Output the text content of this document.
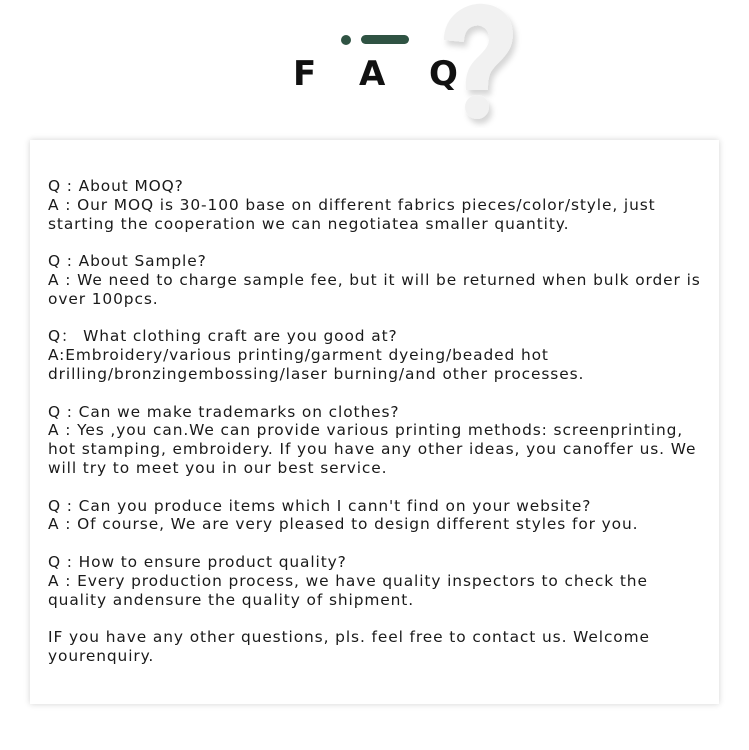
F A Q

Q : About MOQ?

A : Our MOQ is 30-100 base on different fabrics pieces/color/style, just starting the cooperation we can negotiatea smaller quantity.

Q : About Sample?

A : We need to charge sample fee, but it will be returned when bulk order is over 100pcs.

Q： What clothing craft are you good at?

A:Embroidery/various printing/garment dyeing/beaded hot drilling/bronzingembossing/laser burning/and other processes.

Q : Can we make trademarks on clothes?

A : Yes ,you can.We can provide various printing methods: screenprinting, hot stamping, embroidery. If you have any other ideas, you canoffer us. We will try to meet you in our best service.

Q : Can you produce items which I cann't find on your website?

A : Of course, We are very pleased to design different styles for you.

Q : How to ensure product quality?

A : Every production process, we have quality inspectors to check the quality andensure the quality of shipment.

IF you have any other questions, pls. feel free to contact us. Welcome yourenquiry.
